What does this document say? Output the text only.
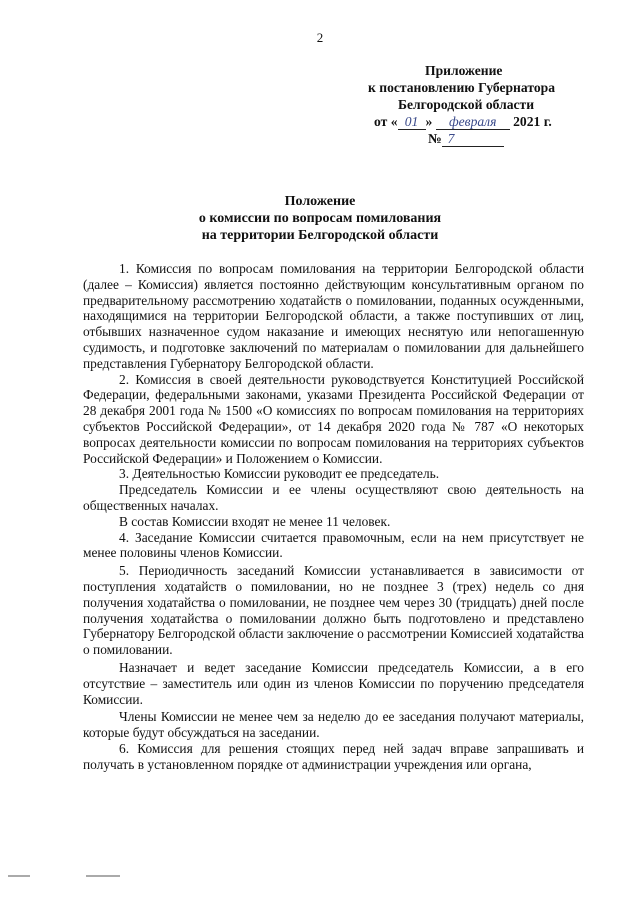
2
Приложение
к постановлению Губернатора
Белгородской области
от « 01 » февраля 2021 г.
№ 7
Положение
о комиссии по вопросам помилования
на территории Белгородской области

1. Комиссия по вопросам помилования на территории Белгородской области (далее – Комиссия) является постоянно действующим консультативным органом по предварительному рассмотрению ходатайств о помиловании, поданных осужденными, находящимися на территории Белгородской области, а также поступивших от лиц, отбывших назначенное судом наказание и имеющих неснятую или непогашенную судимость, и подготовке заключений по материалам о помиловании для дальнейшего представления Губернатору Белгородской области.

2. Комиссия в своей деятельности руководствуется Конституцией Российской Федерации, федеральными законами, указами Президента Российской Федерации от 28 декабря 2001 года № 1500 «О комиссиях по вопросам помилования на территориях субъектов Российской Федерации», от 14 декабря 2020 года № 787 «О некоторых вопросах деятельности комиссии по вопросам помилования на территориях субъектов Российской Федерации» и Положением о Комиссии.

3. Деятельностью Комиссии руководит ее председатель.

Председатель Комиссии и ее члены осуществляют свою деятельность на общественных началах.

В состав Комиссии входят не менее 11 человек.

4. Заседание Комиссии считается правомочным, если на нем присутствует не менее половины членов Комиссии.

5. Периодичность заседаний Комиссии устанавливается в зависимости от поступления ходатайств о помиловании, но не позднее 3 (трех) недель со дня получения ходатайства о помиловании, не позднее чем через 30 (тридцать) дней после получения ходатайства о помиловании должно быть подготовлено и представлено Губернатору Белгородской области заключение о рассмотрении Комиссией ходатайства о помиловании.

Назначает и ведет заседание Комиссии председатель Комиссии, а в его отсутствие – заместитель или один из членов Комиссии по поручению председателя Комиссии.

Члены Комиссии не менее чем за неделю до ее заседания получают материалы, которые будут обсуждаться на заседании.

6. Комиссия для решения стоящих перед ней задач вправе запрашивать и получать в установленном порядке от администрации учреждения или органа,
